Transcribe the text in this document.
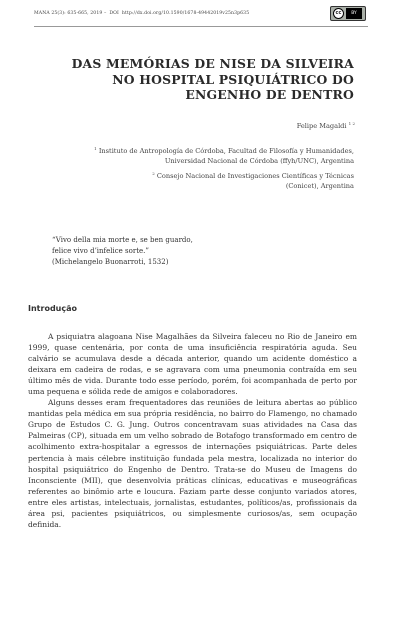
MANA 25(3): 635-665, 2019 – DOI http://dx.doi.org/10.1590/1678-49442019v25n3p635	cc	BY
DAS MEMÓRIAS DE NISE DA SILVEIRA
NO HOSPITAL PSIQUIÁTRICO DO
ENGENHO DE DENTRO
Felipe Magaldi $^{1 2}$
$^1$ Instituto de Antropología de Córdoba, Facultad de Filosofía y Humanidades,
Universidad Nacional de Córdoba (ffyh/UNC), Argentina
$^2$ Consejo Nacional de Investigaciones Científicas y Técnicas
(Conicet), Argentina
“Vivo della mia morte e, se ben guardo,
felice vivo d’infelice sorte.”
(Michelangelo Buonarroti, 1532)
Introdução

A psiquiatra alagoana Nise Magalhães da Silveira faleceu no Rio de Janeiro em 1999, quase centenária, por conta de uma insuficiência respiratória aguda. Seu calvário se acumulava desde a década anterior, quando um acidente doméstico a deixara em cadeira de rodas, e se agravara com uma pneumonia contraída em seu último mês de vida. Durante todo esse período, porém, foi acompanhada de perto por uma pequena e sólida rede de amigos e colaboradores.

Alguns desses eram frequentadores das reuniões de leitura abertas ao público mantidas pela médica em sua própria residência, no bairro do Flamengo, no chamado Grupo de Estudos C. G. Jung. Outros concentravam suas atividades na Casa das Palmeiras (CP), situada em um velho sobrado de Botafogo transformado em centro de acolhimento extra-hospitalar a egressos de internações psiquiátricas. Parte deles pertencia à mais célebre instituição fundada pela mestra, localizada no interior do hospital psiquiátrico do Engenho de Dentro. Trata-se do Museu de Imagens do Inconsciente (MII), que desenvolvia práticas clínicas, educativas e museográficas referentes ao binômio arte e loucura. Faziam parte desse conjunto variados atores, entre eles artistas, intelectuais, jornalistas, estudantes, políticos/as, profissionais da área psi, pacientes psiquiátricos, ou simplesmente curiosos/as, sem ocupação definida.
